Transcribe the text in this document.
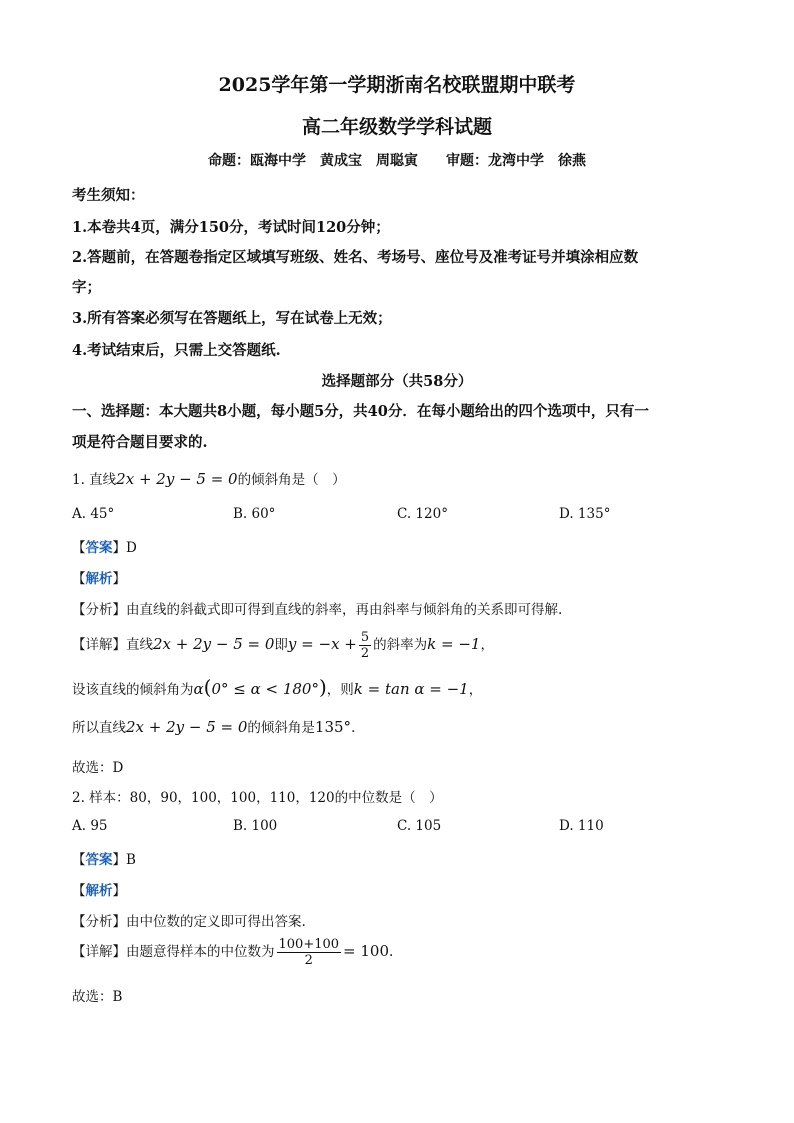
2025学年第一学期浙南名校联盟期中联考
高二年级数学学科试题
命题：瓯海中学　黄成宝　周聪寅　　审题：龙湾中学　徐燕
考生须知：
1.本卷共4页，满分150分，考试时间120分钟；
2.答题前，在答题卷指定区域填写班级、姓名、考场号、座位号及准考证号并填涂相应数
字；
3.所有答案必须写在答题纸上，写在试卷上无效；
4.考试结束后，只需上交答题纸.
选择题部分（共58分）
一、选择题：本大题共8小题，每小题5分，共40分．在每小题给出的四个选项中，只有一
项是符合题目要求的.
1. 直线2x + 2y − 5 = 0的倾斜角是（　）
A. 45°	B. 60°	C. 120°	D. 135°
【答案】D
【解析】
【分析】由直线的斜截式即可得到直线的斜率，再由斜率与倾斜角的关系即可得解.
【详解】直线2x + 2y − 5 = 0即$y = -x + \frac{5}{2}$ 的斜率为k = −1，
设该直线的倾斜角为α(0° ≤ α < 180°)，则k = tan α = −1，
所以直线2x + 2y − 5 = 0的倾斜角是135°.
故选：D
2. 样本：80，90，100，100，110，120的中位数是（　）
A. 95	B. 100	C. 105	D. 110
【答案】B
【解析】
【分析】由中位数的定义即可得出答案.
【详解】由题意得样本的中位数为 $\frac{100+100}{2} = 100$.
故选：B
